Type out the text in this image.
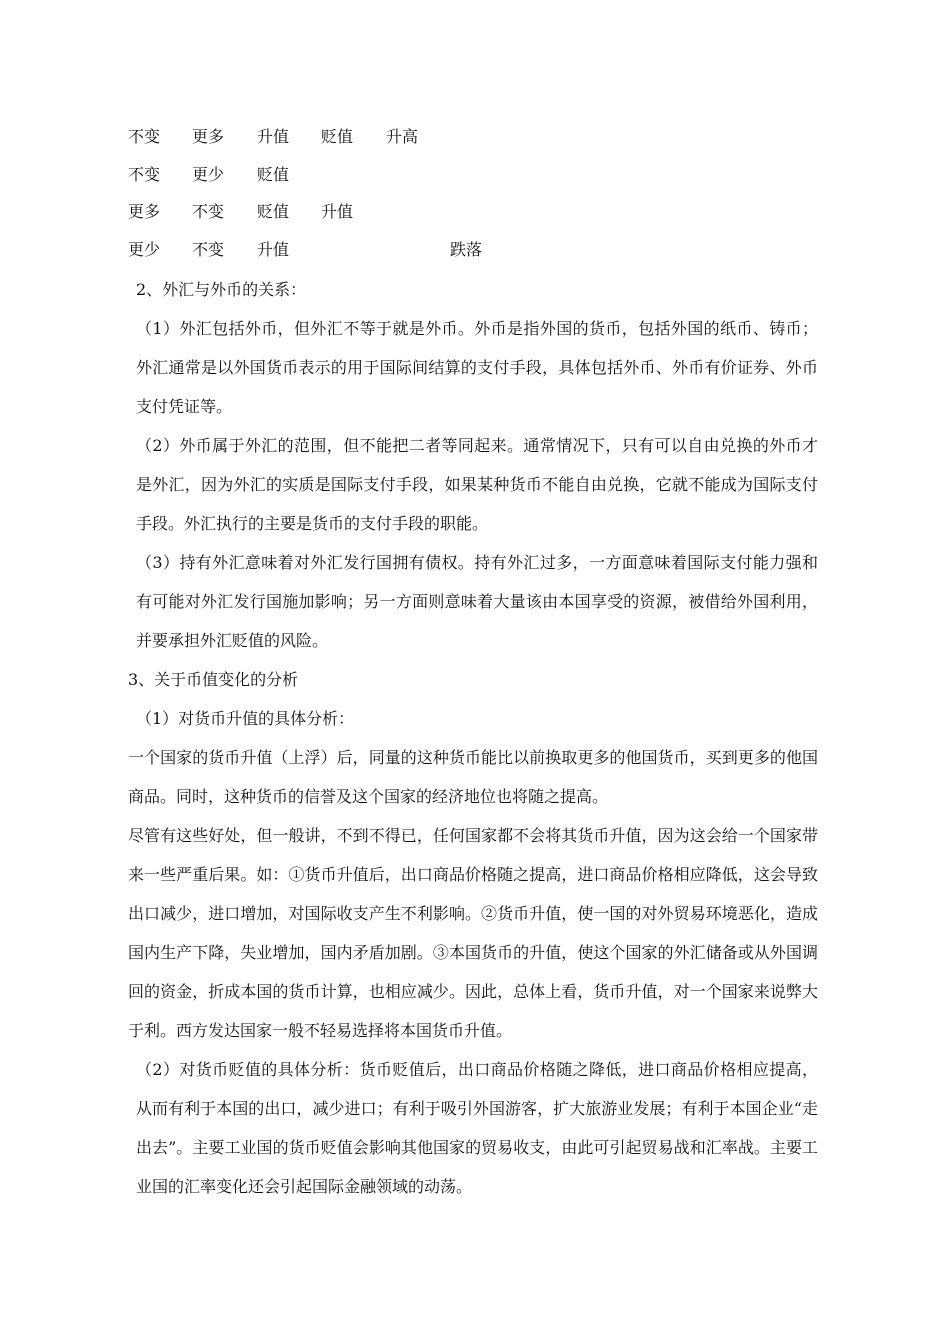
不变 更多 升值 贬值 升高
不变 更少 贬值
更多 不变 贬值 升值
更少 不变 升值	跌落

2、外汇与外币的关系：

（1）外汇包括外币，但外汇不等于就是外币。外币是指外国的货币，包括外国的纸币、铸币；外汇通常是以外国货币表示的用于国际间结算的支付手段，具体包括外币、外币有价证券、外币支付凭证等。

（2）外币属于外汇的范围，但不能把二者等同起来。通常情况下，只有可以自由兑换的外币才是外汇，因为外汇的实质是国际支付手段，如果某种货币不能自由兑换，它就不能成为国际支付手段。外汇执行的主要是货币的支付手段的职能。

（3）持有外汇意味着对外汇发行国拥有债权。持有外汇过多，一方面意味着国际支付能力强和有可能对外汇发行国施加影响；另一方面则意味着大量该由本国享受的资源，被借给外国利用，并要承担外汇贬值的风险。

3、关于币值变化的分析

（1）对货币升值的具体分析：

一个国家的货币升值（上浮）后，同量的这种货币能比以前换取更多的他国货币，买到更多的他国商品。同时，这种货币的信誉及这个国家的经济地位也将随之提高。

尽管有这些好处，但一般讲，不到不得已，任何国家都不会将其货币升值，因为这会给一个国家带来一些严重后果。如：①货币升值后，出口商品价格随之提高，进口商品价格相应降低，这会导致出口减少，进口增加，对国际收支产生不利影响。②货币升值，使一国的对外贸易环境恶化，造成国内生产下降，失业增加，国内矛盾加剧。③本国货币的升值，使这个国家的外汇储备或从外国调回的资金，折成本国的货币计算，也相应减少。因此，总体上看，货币升值，对一个国家来说弊大于利。西方发达国家一般不轻易选择将本国货币升值。

（2）对货币贬值的具体分析：货币贬值后，出口商品价格随之降低，进口商品价格相应提高，从而有利于本国的出口，减少进口；有利于吸引外国游客，扩大旅游业发展；有利于本国企业“走出去”。主要工业国的货币贬值会影响其他国家的贸易收支，由此可引起贸易战和汇率战。主要工业国的汇率变化还会引起国际金融领域的动荡。
